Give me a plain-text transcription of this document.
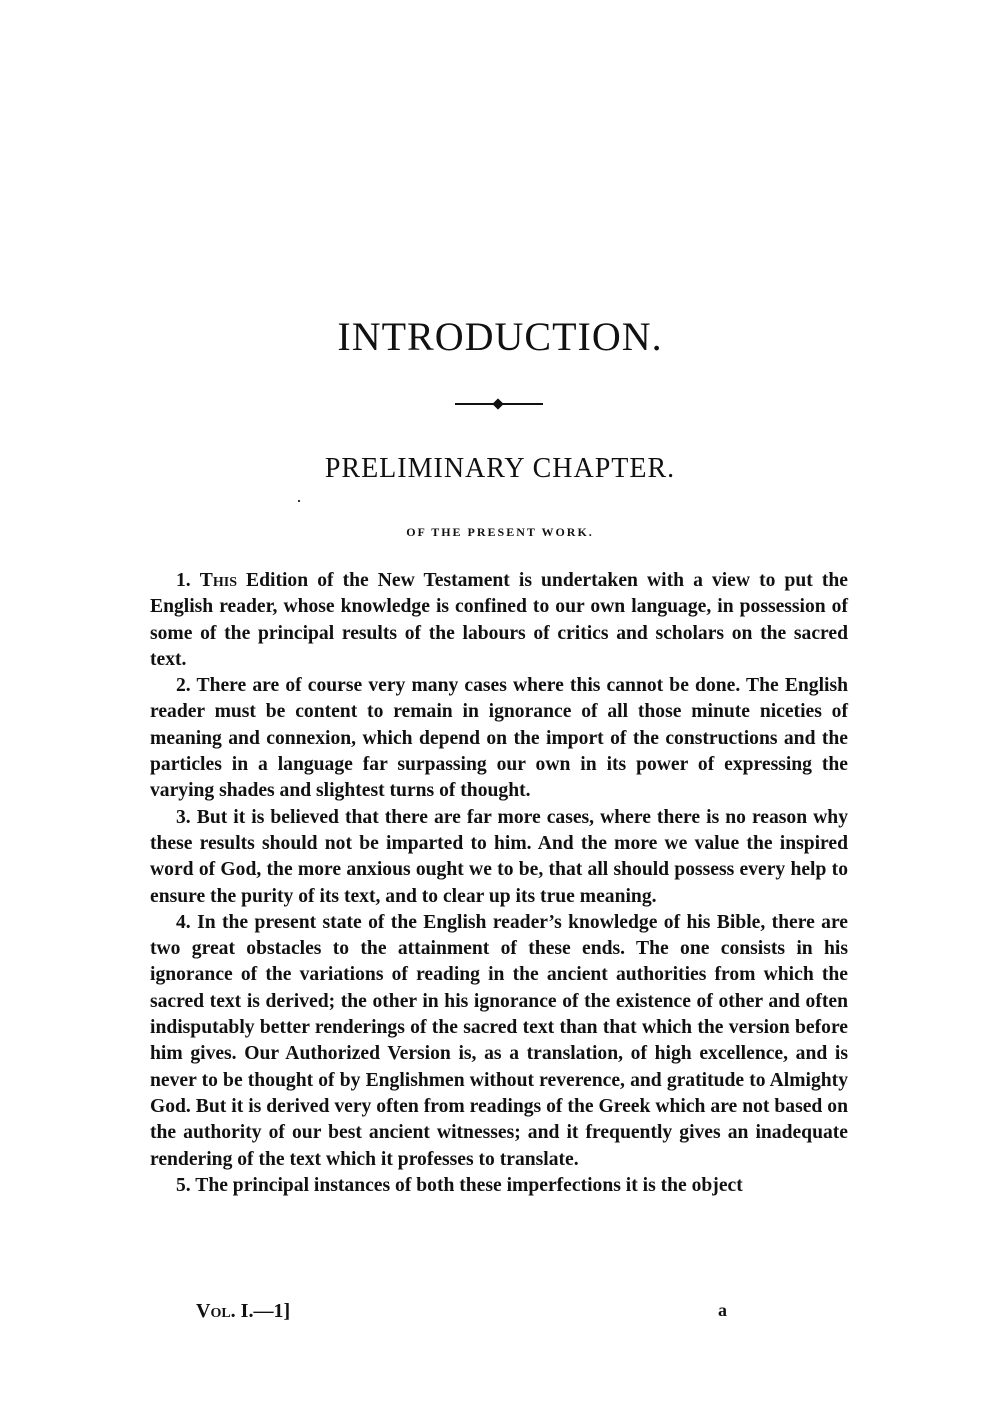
INTRODUCTION.
PRELIMINARY CHAPTER.
OF THE PRESENT WORK.

1. This Edition of the New Testament is undertaken with a view to put the English reader, whose knowledge is confined to our own language, in possession of some of the principal results of the labours of critics and scholars on the sacred text.

2. There are of course very many cases where this cannot be done. The English reader must be content to remain in ignorance of all those minute niceties of meaning and connexion, which depend on the import of the constructions and the particles in a language far surpassing our own in its power of expressing the varying shades and slightest turns of thought.

3. But it is believed that there are far more cases, where there is no reason why these results should not be imparted to him. And the more we value the inspired word of God, the more anxious ought we to be, that all should possess every help to ensure the purity of its text, and to clear up its true meaning.

4. In the present state of the English reader’s knowledge of his Bible, there are two great obstacles to the attainment of these ends. The one consists in his ignorance of the variations of reading in the ancient authorities from which the sacred text is derived; the other in his ignorance of the existence of other and often indisputably better renderings of the sacred text than that which the version before him gives. Our Authorized Version is, as a translation, of high excellence, and is never to be thought of by Englishmen without reverence, and gratitude to Almighty God. But it is derived very often from readings of the Greek which are not based on the authority of our best ancient witnesses; and it frequently gives an inadequate rendering of the text which it professes to translate.

5. The principal instances of both these imperfections it is the object

Vol. I.—1]	a
